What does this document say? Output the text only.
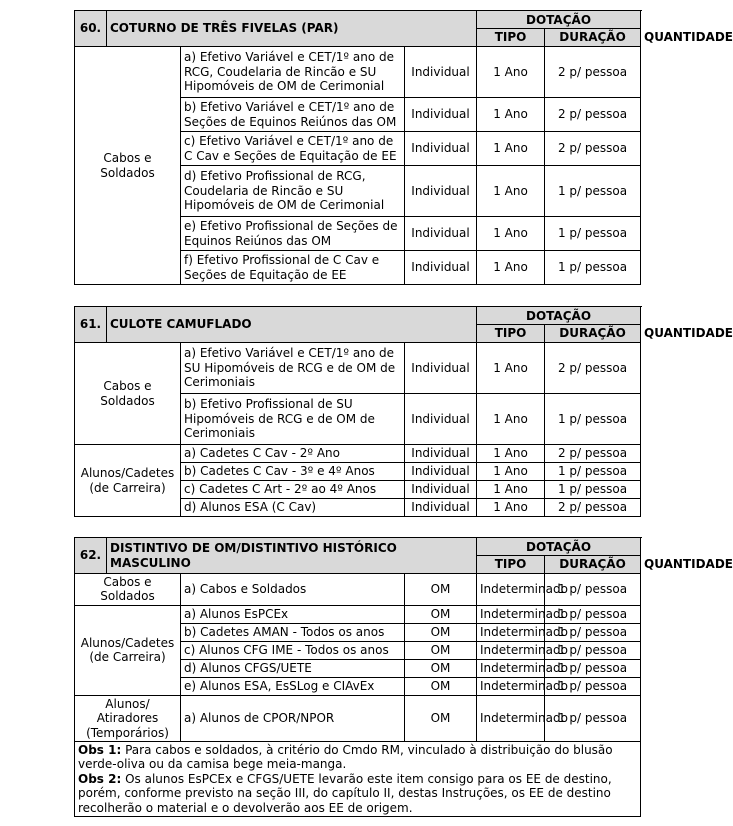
60.	COTURNO DE TRÊS FIVELAS (PAR)			DOTAÇÃO		
				TIPO	DURAÇÃO	QUANTIDADE
Cabos e Soldados		a) Efetivo Variável e CET/1º ano de RCG, Coudelaria de Rincão e SU Hipomóveis de OM de Cerimonial	Individual	1 Ano	2 p/ pessoa	
		b) Efetivo Variável e CET/1º ano de Seções de Equinos Reiúnos das OM	Individual	1 Ano	2 p/ pessoa	
		c) Efetivo Variável e CET/1º ano de C Cav e Seções de Equitação de EE	Individual	1 Ano	2 p/ pessoa	
		d) Efetivo Profissional de RCG, Coudelaria de Rincão e SU Hipomóveis de OM de Cerimonial	Individual	1 Ano	1 p/ pessoa	
		e) Efetivo Profissional de Seções de Equinos Reiúnos das OM	Individual	1 Ano	1 p/ pessoa	
		f) Efetivo Profissional de C Cav e Seções de Equitação de EE	Individual	1 Ano	1 p/ pessoa	
61.	CULOTE CAMUFLADO			DOTAÇÃO		
				TIPO	DURAÇÃO	QUANTIDADE
Cabos e Soldados		a) Efetivo Variável e CET/1º ano de SU Hipomóveis de RCG e de OM de Cerimoniais	Individual	1 Ano	2 p/ pessoa	
		b) Efetivo Profissional de SU Hipomóveis de RCG e de OM de Cerimoniais	Individual	1 Ano	1 p/ pessoa	
Alunos/Cadetes (de Carreira)		a) Cadetes C Cav - 2º Ano	Individual	1 Ano	2 p/ pessoa	
		b) Cadetes C Cav - 3º e 4º Anos	Individual	1 Ano	1 p/ pessoa	
		c) Cadetes C Art - 2º ao 4º Anos	Individual	1 Ano	1 p/ pessoa	
		d) Alunos ESA (C Cav)	Individual	1 Ano	2 p/ pessoa	
62.	DISTINTIVO DE OM/DISTINTIVO HISTÓRICO MASCULINO			DOTAÇÃO		
				TIPO	DURAÇÃO	QUANTIDADE
Cabos e Soldados		a) Cabos e Soldados	OM	Indeterminado	1 p/ pessoa	
Alunos/Cadetes (de Carreira)		a) Alunos EsPCEx	OM	Indeterminado	1 p/ pessoa	
		b) Cadetes AMAN - Todos os anos	OM	Indeterminado	1 p/ pessoa	
		c) Alunos CFG IME - Todos os anos	OM	Indeterminado	1 p/ pessoa	
		d) Alunos CFGS/UETE	OM	Indeterminado	1 p/ pessoa	
		e) Alunos ESA, EsSLog e CIAvEx	OM	Indeterminado	1 p/ pessoa	
Alunos/ Atiradores (Temporários)		a) Alunos de CPOR/NPOR	OM	Indeterminado	1 p/ pessoa	

Obs 1: Para cabos e soldados, à critério do Cmdo RM, vinculado à distribuição do blusão verde-oliva ou da camisa bege meia-manga.
Obs 2: Os alunos EsPCEx e CFGS/UETE levarão este item consigo para os EE de destino, porém, conforme previsto na seção III, do capítulo II, destas Instruções, os EE de destino recolherão o material e o devolverão aos EE de origem.						
